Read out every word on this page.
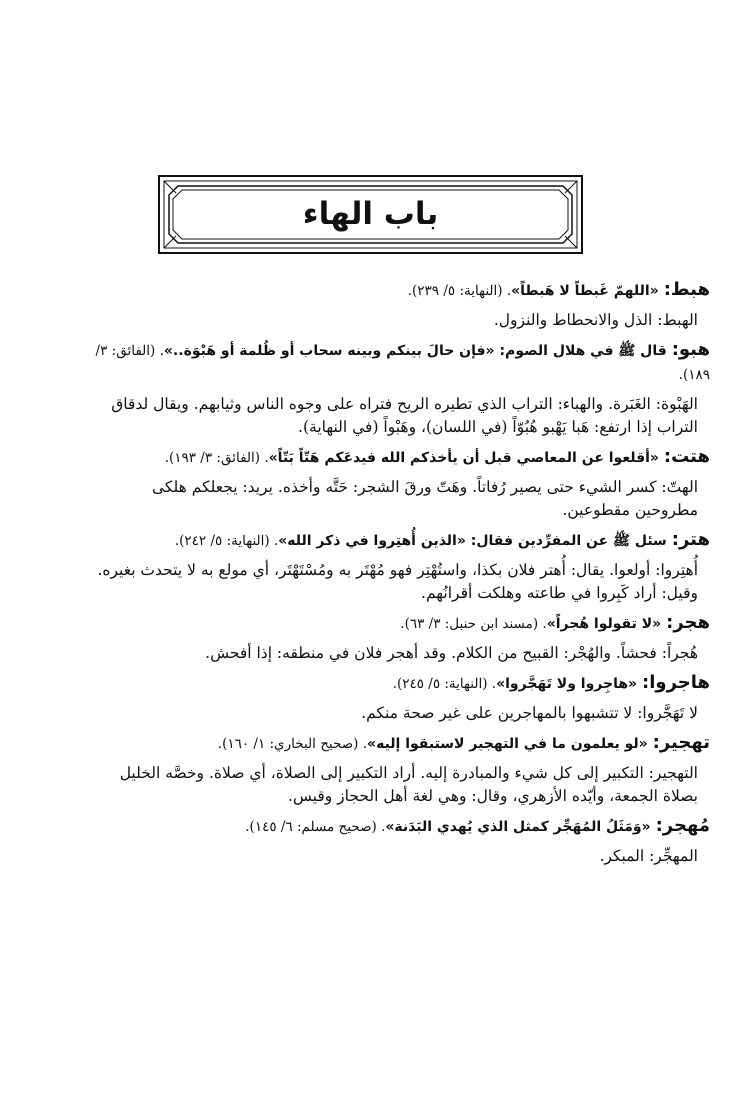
باب الهاء

هبط: «اللهمّ غَبطاً لا هَبطاً». (النهاية: ٥/ ٢٣٩).

الهبط: الذل والانحطاط والنزول.

هبو: قال ﷺ في هلال الصوم: «فإن حالَ بينكم وبينه سحاب أو ظُلمة أو هَبْوَة..». (الفائق: ٣/ ١٨٩).

الهَبْوة: الغَبَرة. والهباء: التراب الذي تطيره الريح فتراه على وجوه الناس وثيابهم. ويقال لدقاق التراب إذا ارتفع: هَبا يَهْبو هُبُوّاً (في اللسان)، وهَبْواً (في النهاية).

هتت: «أقلعوا عن المعاصي قبل أن يأخذكم الله فيدعَكم هَتّاً بَتّاً». (الفائق: ٣/ ١٩٣).

الهتّ: كسر الشيء حتى يصير رُفاتاً. وهَتّ ورقَ الشجر: حَتَّه وأخذه. يريد: يجعلكم هلكى مطروحين مقطوعين.

هتر: سئل ﷺ عن المفرِّدين فقال: «الذين أُهتِروا في ذكر الله». (النهاية: ٥/ ٢٤٢).

أُهتِروا: أولعوا. يقال: أُهتر فلان بكذا، واستُهْتِر فهو مُهْتَر به ومُسْتَهْتَر، أي مولع به لا يتحدث بغيره. وقيل: أراد كَبِروا في طاعته وهلكت أقرانُهم.

هجر: «لا تقولوا هُجراً». (مسند ابن حنبل: ٣/ ٦٣).

هُجراً: فحشاً. والهُجْر: القبيح من الكلام. وقد أهجر فلان في منطقه: إذا أفحش.

هاجروا: «هاجِروا ولا تَهَجَّروا». (النهاية: ٥/ ٢٤٥).

لا تَهَجَّروا: لا تتشبهوا بالمهاجرين على غير صحة منكم.

تهجير: «لو يعلمون ما في التهجير لاستبقوا إليه». (صحيح البخاري: ١/ ١٦٠).

التهجير: التكبير إلى كل شيء والمبادرة إليه. أراد التكبير إلى الصلاة، أي صلاة. وخصَّه الخليل بصلاة الجمعة، وأيّده الأزهري، وقال: وهي لغة أهل الحجاز وقيس.

مُهجر: «وَمَثَلُ المُهَجِّر كمثل الذي يُهدي البَدَنة». (صحيح مسلم: ٦/ ١٤٥).

المهجِّر: المبكر.
